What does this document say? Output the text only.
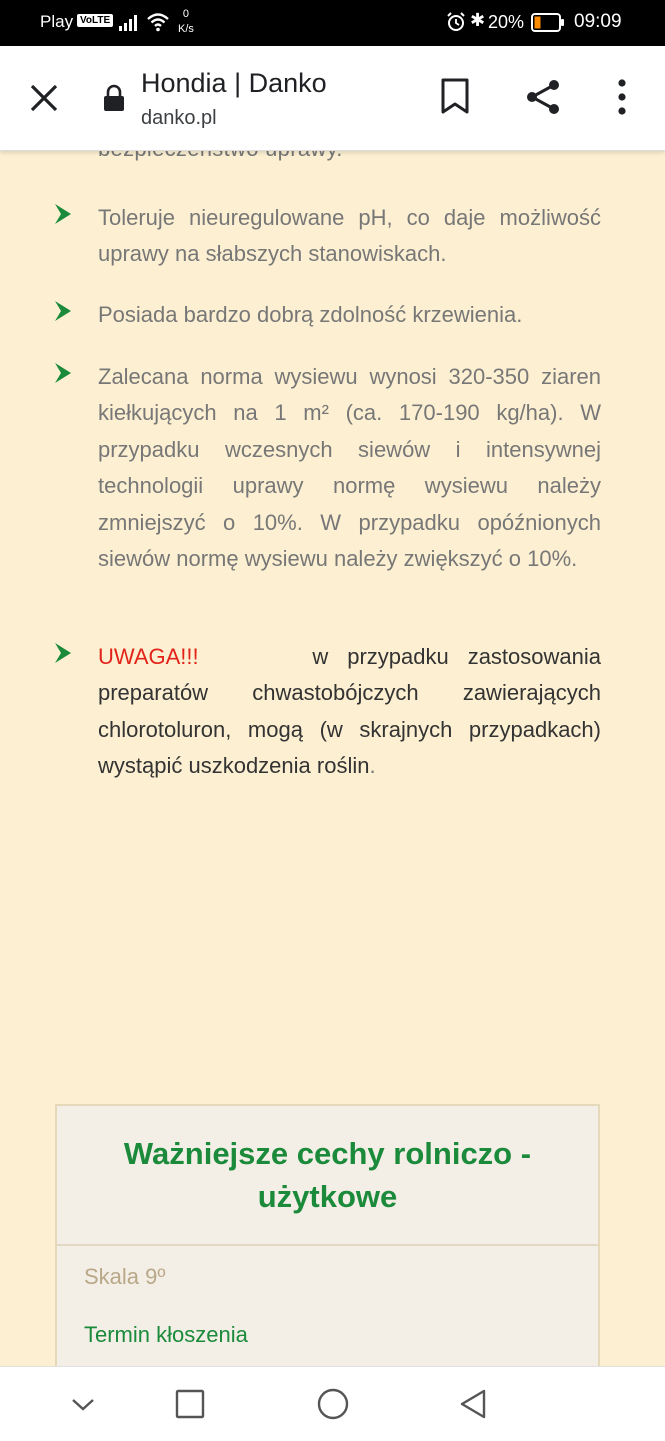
Play VoLTE
0
K/s	✱ 20%	09:09
Hondia | Danko
danko.pl
Toleruje nieuregulowane pH, co daje możliwość uprawy na słabszych stanowiskach.
Posiada bardzo dobrą zdolność krzewienia.
Zalecana norma wysiewu wynosi 320-350 ziaren kiełkujących na 1 m² (ca. 170-190 kg/ha). W przypadku wczesnych siewów i intensywnej technologii uprawy normę wysiewu należy zmniejszyć o 10%. W przypadku opóźnionych siewów normę wysiewu należy zwiększyć o 10%.
UWAGA!!!	w przypadku zastosowania preparatów chwastobójczych zawierających chlorotoluron, mogą (w skrajnych przypadkach) wystąpić uszkodzenia roślin.
Ważniejsze cechy rolniczo - użytkowe
Skala 9º
Termin kłoszenia
